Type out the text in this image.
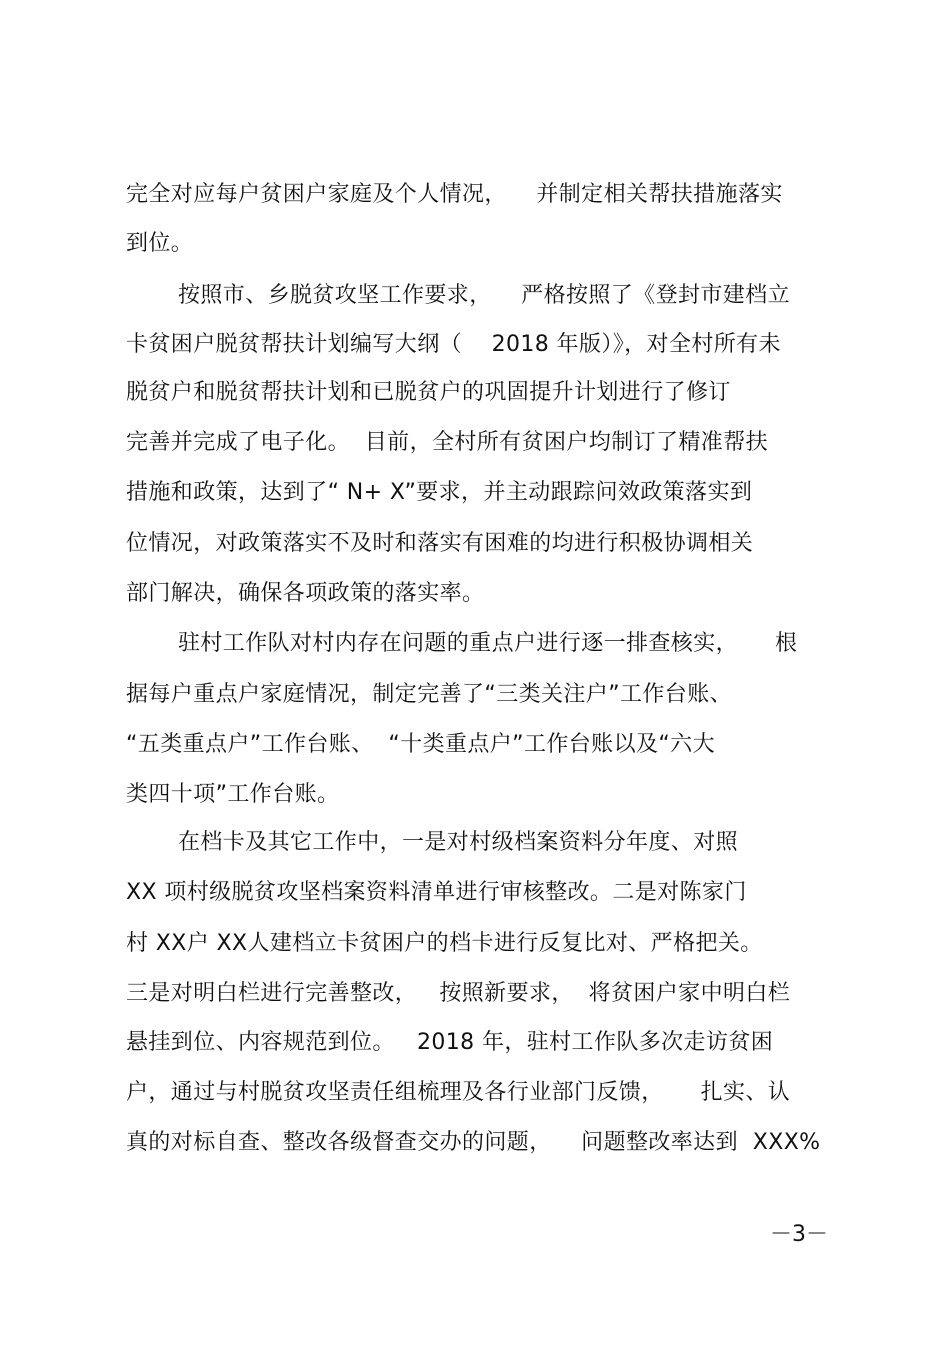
完全对应每户贫困户家庭及个人情况，    并制定相关帮扶措施落实

到位。

按照市、乡脱贫攻坚工作要求，    严格按照了《登封市建档立

卡贫困户脱贫帮扶计划编写大纲（    2018 年版）》，对全村所有未

脱贫户和脱贫帮扶计划和已脱贫户的巩固提升计划进行了修订

完善并完成了电子化。  目前，全村所有贫困户均制订了精准帮扶

措施和政策，达到了“ N+ X”要求，并主动跟踪问效政策落实到

位情况，对政策落实不及时和落实有困难的均进行积极协调相关

部门解决，确保各项政策的落实率。

驻村工作队对村内存在问题的重点户进行逐一排查核实，     根

据每户重点户家庭情况，制定完善了“三类关注户”工作台账、

“五类重点户”工作台账、  “十类重点户”工作台账以及“六大

类四十项”工作台账。

在档卡及其它工作中，一是对村级档案资料分年度、对照

XX 项村级脱贫攻坚档案资料清单进行审核整改。二是对陈家门

村 XX户 XX人建档立卡贫困户的档卡进行反复比对、严格把关。

三是对明白栏进行完善整改，   按照新要求，  将贫困户家中明白栏

悬挂到位、内容规范到位。   2018 年，驻村工作队多次走访贫困

户，通过与村脱贫攻坚责任组梳理及各行业部门反馈，     扎实、认

真的对标自查、整改各级督查交办的问题，    问题整改率达到  XXX%

－3－
